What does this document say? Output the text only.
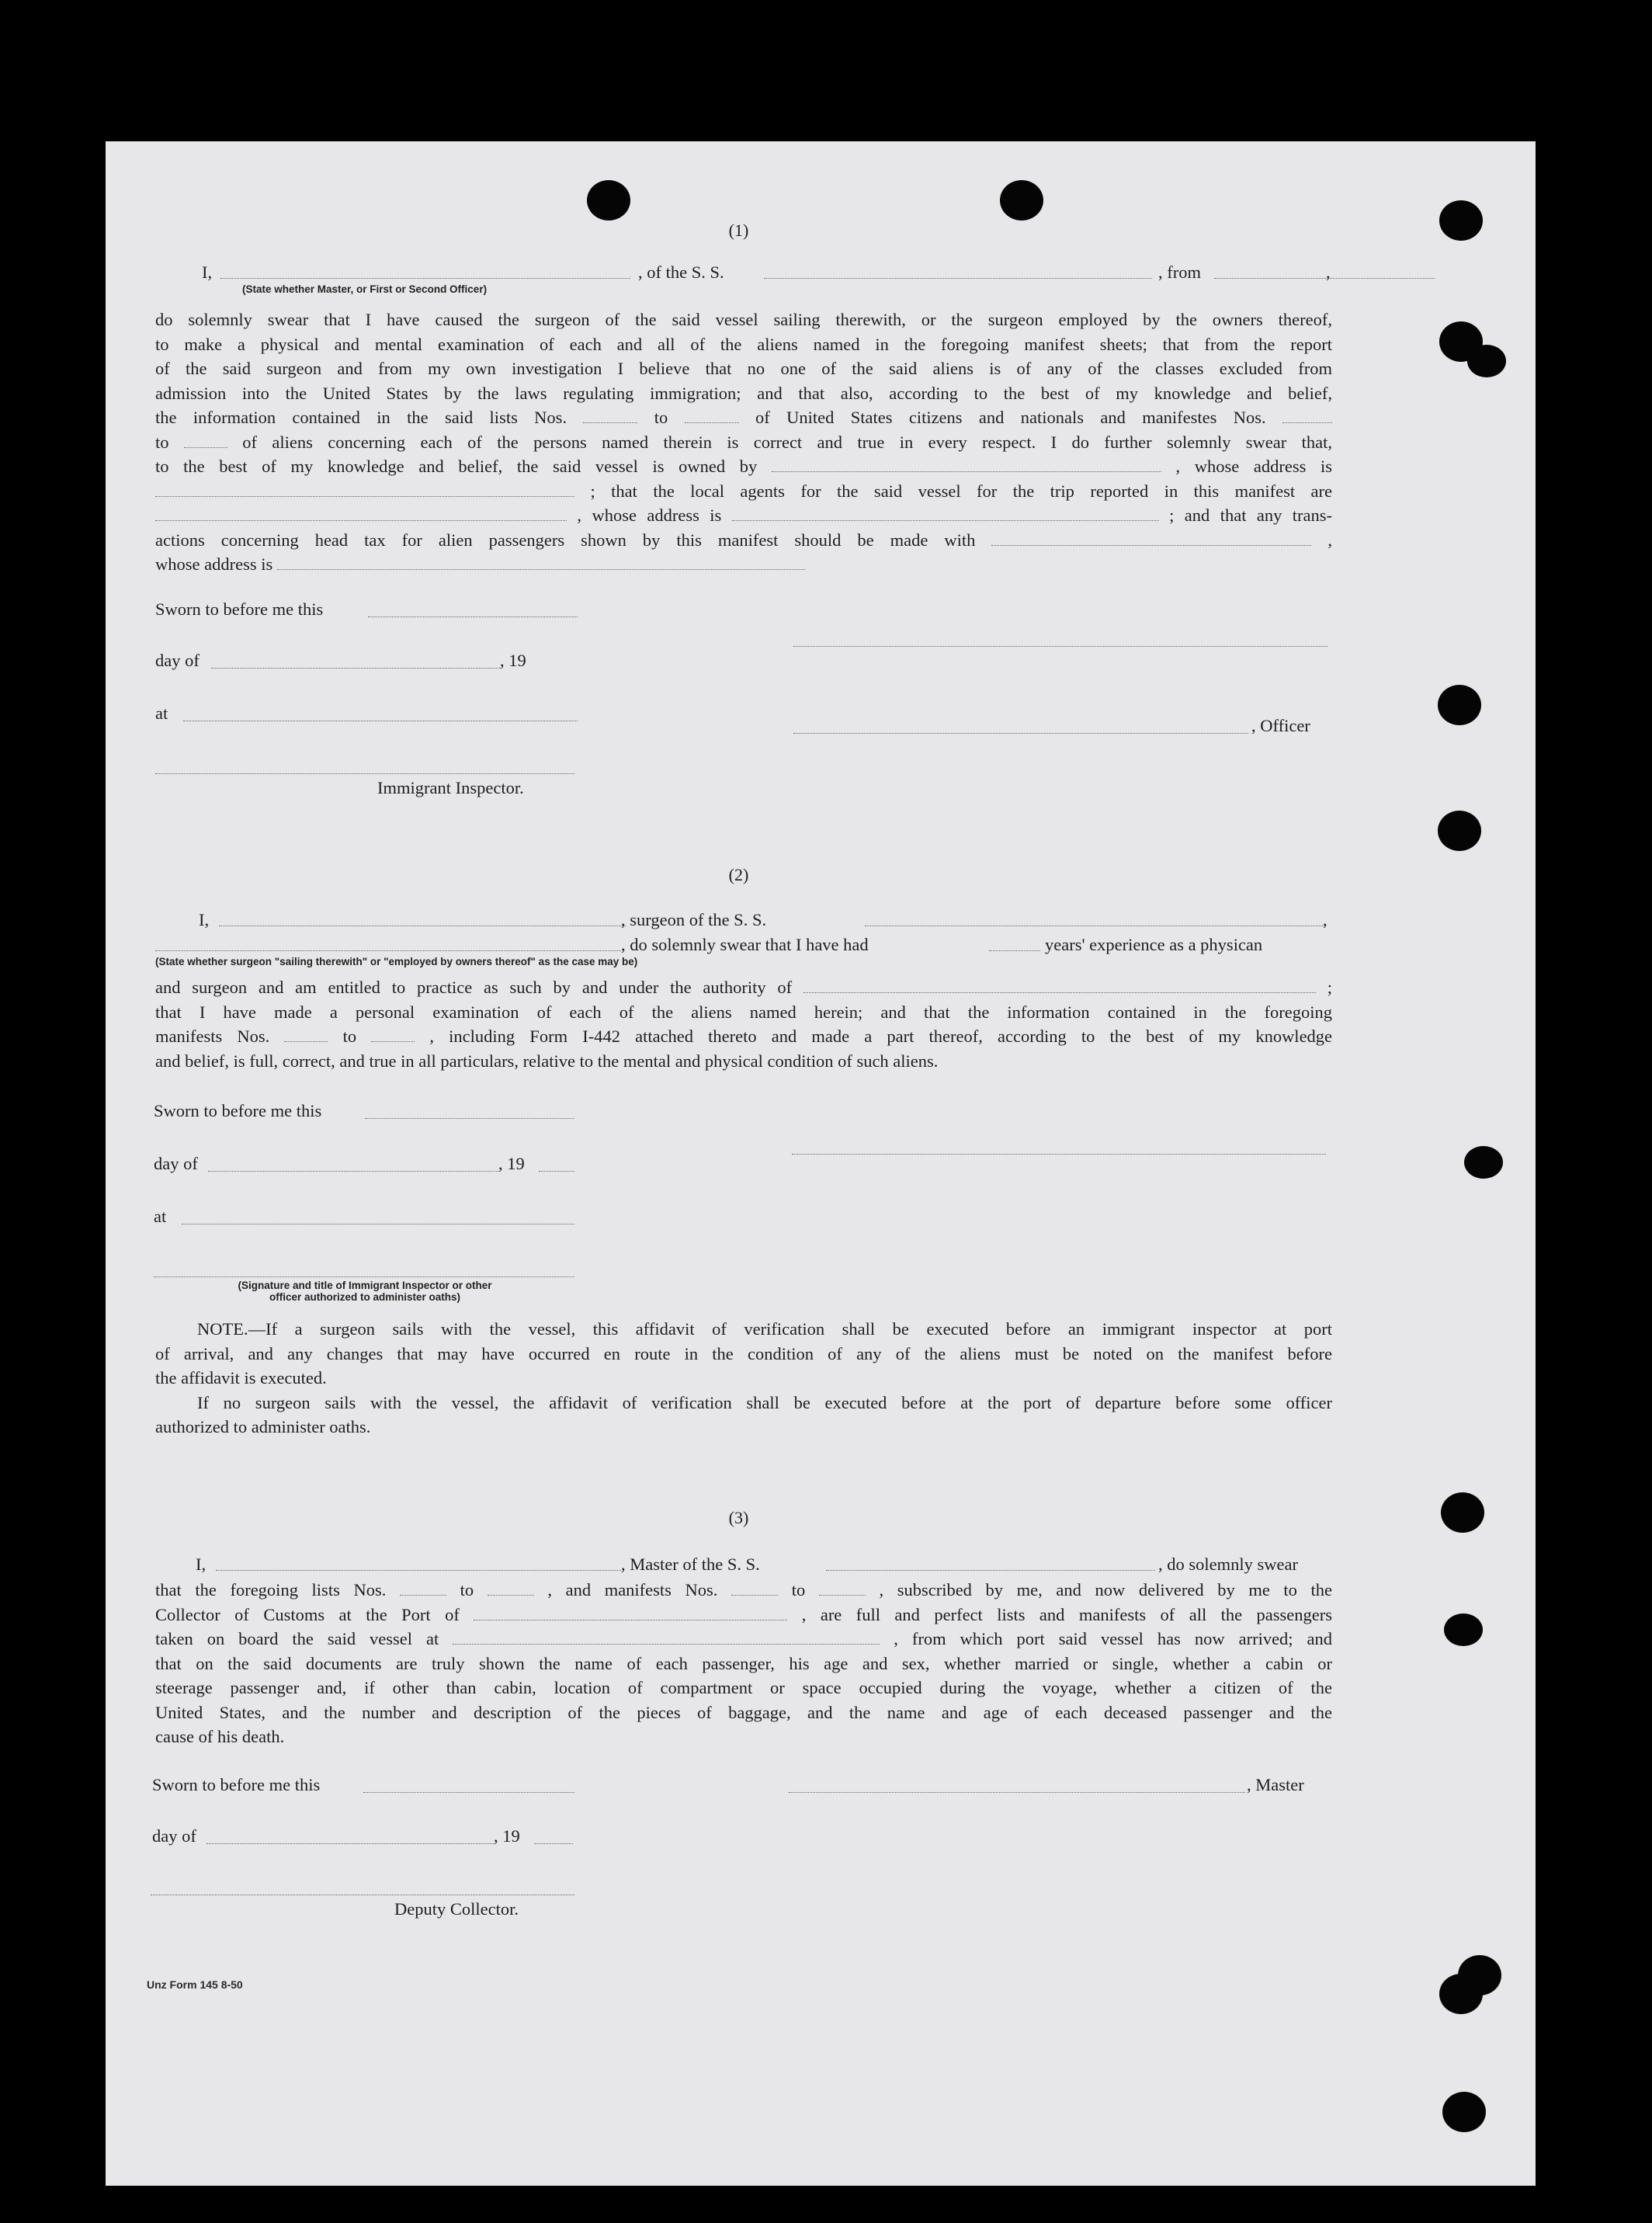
(1)
I,	, of the S. S.	, from	,
(State whether Master, or First or Second Officer)
do solemnly swear that I have caused the surgeon of the said vessel sailing therewith, or the surgeon employed by the owners thereof,
to make a physical and mental examination of each and all of the aliens named in the foregoing manifest sheets; that from the report
of the said surgeon and from my own investigation I believe that no one of the said aliens is of any of the classes excluded from
admission into the United States by the laws regulating immigration; and that also, according to the best of my knowledge and belief,
the information contained in the said lists Nos.	to	of United States citizens and nationals and manifestes Nos.
to	of aliens concerning each of the persons named therein is correct and true in every respect. I do further solemnly swear that,
to the best of my knowledge and belief, the said vessel is owned by	, whose address is
; that the local agents for the said vessel for the trip reported in this manifest are
, whose address is	; and that any trans-
actions concerning head tax for alien passengers shown by this manifest should be made with	,
whose address is
Sworn to before me this
day of	, 19
at
, Officer
Immigrant Inspector.
(2)
I,	, surgeon of the S. S.	,
, do solemnly swear that I have had	years' experience as a physican
(State whether surgeon "sailing therewith" or "employed by owners thereof" as the case may be)
and surgeon and am entitled to practice as such by and under the authority of	;
that I have made a personal examination of each of the aliens named herein; and that the information contained in the foregoing
manifests Nos.	to	, including Form I-442 attached thereto and made a part thereof, according to the best of my knowledge
and belief, is full, correct, and true in all particulars, relative to the mental and physical condition of such aliens.
Sworn to before me this
day of	, 19
at
(Signature and title of Immigrant Inspector or other
officer authorized to administer oaths)
NOTE.—If a surgeon sails with the vessel, this affidavit of verification shall be executed before an immigrant inspector at port
of arrival, and any changes that may have occurred en route in the condition of any of the aliens must be noted on the manifest before
the affidavit is executed.
If no surgeon sails with the vessel, the affidavit of verification shall be executed before at the port of departure before some officer
authorized to administer oaths.
(3)
I,	, Master of the S. S.	, do solemnly swear
that the foregoing lists Nos.	to	, and manifests Nos.	to	, subscribed by me, and now delivered by me to the
Collector of Customs at the Port of	, are full and perfect lists and manifests of all the passengers
taken on board the said vessel at	, from which port said vessel has now arrived; and
that on the said documents are truly shown the name of each passenger, his age and sex, whether married or single, whether a cabin or
steerage passenger and, if other than cabin, location of compartment or space occupied during the voyage, whether a citizen of the
United States, and the number and description of the pieces of baggage, and the name and age of each deceased passenger and the
cause of his death.
Sworn to before me this	, Master
day of	, 19
Deputy Collector.
Unz Form 145 8-50
